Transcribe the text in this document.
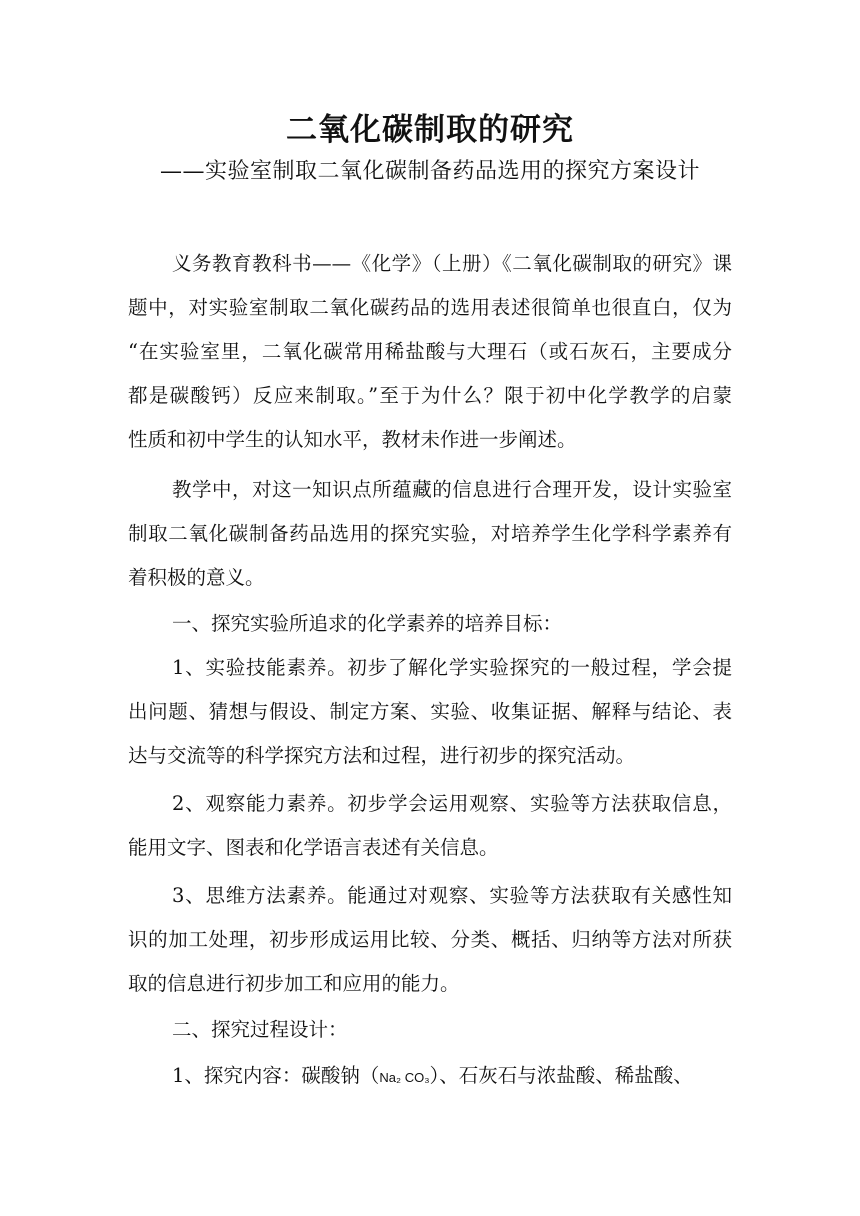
二氧化碳制取的研究
——实验室制取二氧化碳制备药品选用的探究方案设计
义务教育教科书——《化学》（上册）《二氧化碳制取的研究》课
题中，对实验室制取二氧化碳药品的选用表述很简单也很直白，仅为
“在实验室里，二氧化碳常用稀盐酸与大理石（或石灰石，主要成分
都是碳酸钙）反应来制取。”至于为什么？限于初中化学教学的启蒙
性质和初中学生的认知水平，教材未作进一步阐述。
教学中，对这一知识点所蕴藏的信息进行合理开发，设计实验室
制取二氧化碳制备药品选用的探究实验，对培养学生化学科学素养有
着积极的意义。
一、探究实验所追求的化学素养的培养目标：
1、实验技能素养。初步了解化学实验探究的一般过程，学会提
出问题、猜想与假设、制定方案、实验、收集证据、解释与结论、表
达与交流等的科学探究方法和过程，进行初步的探究活动。
2、观察能力素养。初步学会运用观察、实验等方法获取信息，
能用文字、图表和化学语言表述有关信息。
3、思维方法素养。能通过对观察、实验等方法获取有关感性知
识的加工处理，初步形成运用比较、分类、概括、归纳等方法对所获
取的信息进行初步加工和应用的能力。
二、探究过程设计：
1、探究内容：碳酸钠（Na₂ CO₃）、石灰石与浓盐酸、稀盐酸、
